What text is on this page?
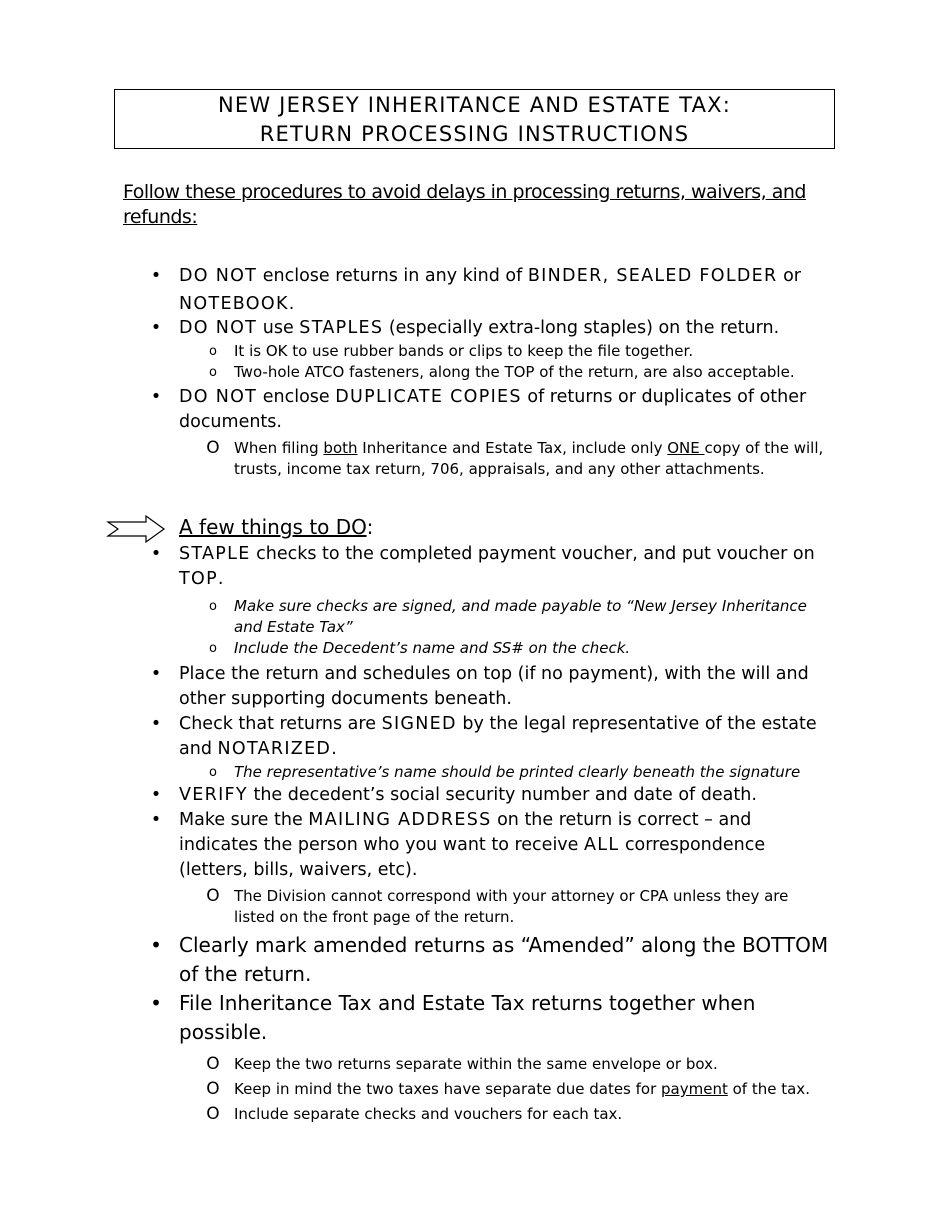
NEW JERSEY INHERITANCE AND ESTATE TAX:
RETURN PROCESSING INSTRUCTIONS
Follow these procedures to avoid delays in processing returns, waivers, and refunds:
• DO NOT enclose returns in any kind of BINDER, SEALED FOLDER or NOTEBOOK.
• DO NOT use STAPLES (especially extra-long staples) on the return.
o It is OK to use rubber bands or clips to keep the file together.
o Two-hole ATCO fasteners, along the TOP of the return, are also acceptable.
• DO NOT enclose DUPLICATE COPIES of returns or duplicates of other documents.
O When filing both Inheritance and Estate Tax, include only ONE copy of the will, trusts, income tax return, 706, appraisals, and any other attachments.
A few things to DO:
• STAPLE checks to the completed payment voucher, and put voucher on TOP.
o Make sure checks are signed, and made payable to “New Jersey Inheritance and Estate Tax”
o Include the Decedent’s name and SS# on the check.
• Place the return and schedules on top (if no payment), with the will and other supporting documents beneath.
• Check that returns are SIGNED by the legal representative of the estate and NOTARIZED.
o The representative’s name should be printed clearly beneath the signature
• VERIFY the decedent’s social security number and date of death.
• Make sure the MAILING ADDRESS on the return is correct – and indicates the person who you want to receive ALL correspondence (letters, bills, waivers, etc).
O The Division cannot correspond with your attorney or CPA unless they are listed on the front page of the return.
• Clearly mark amended returns as “Amended” along the BOTTOM of the return.
• File Inheritance Tax and Estate Tax returns together when possible.
O Keep the two returns separate within the same envelope or box.
O Keep in mind the two taxes have separate due dates for payment of the tax.
O Include separate checks and vouchers for each tax.
